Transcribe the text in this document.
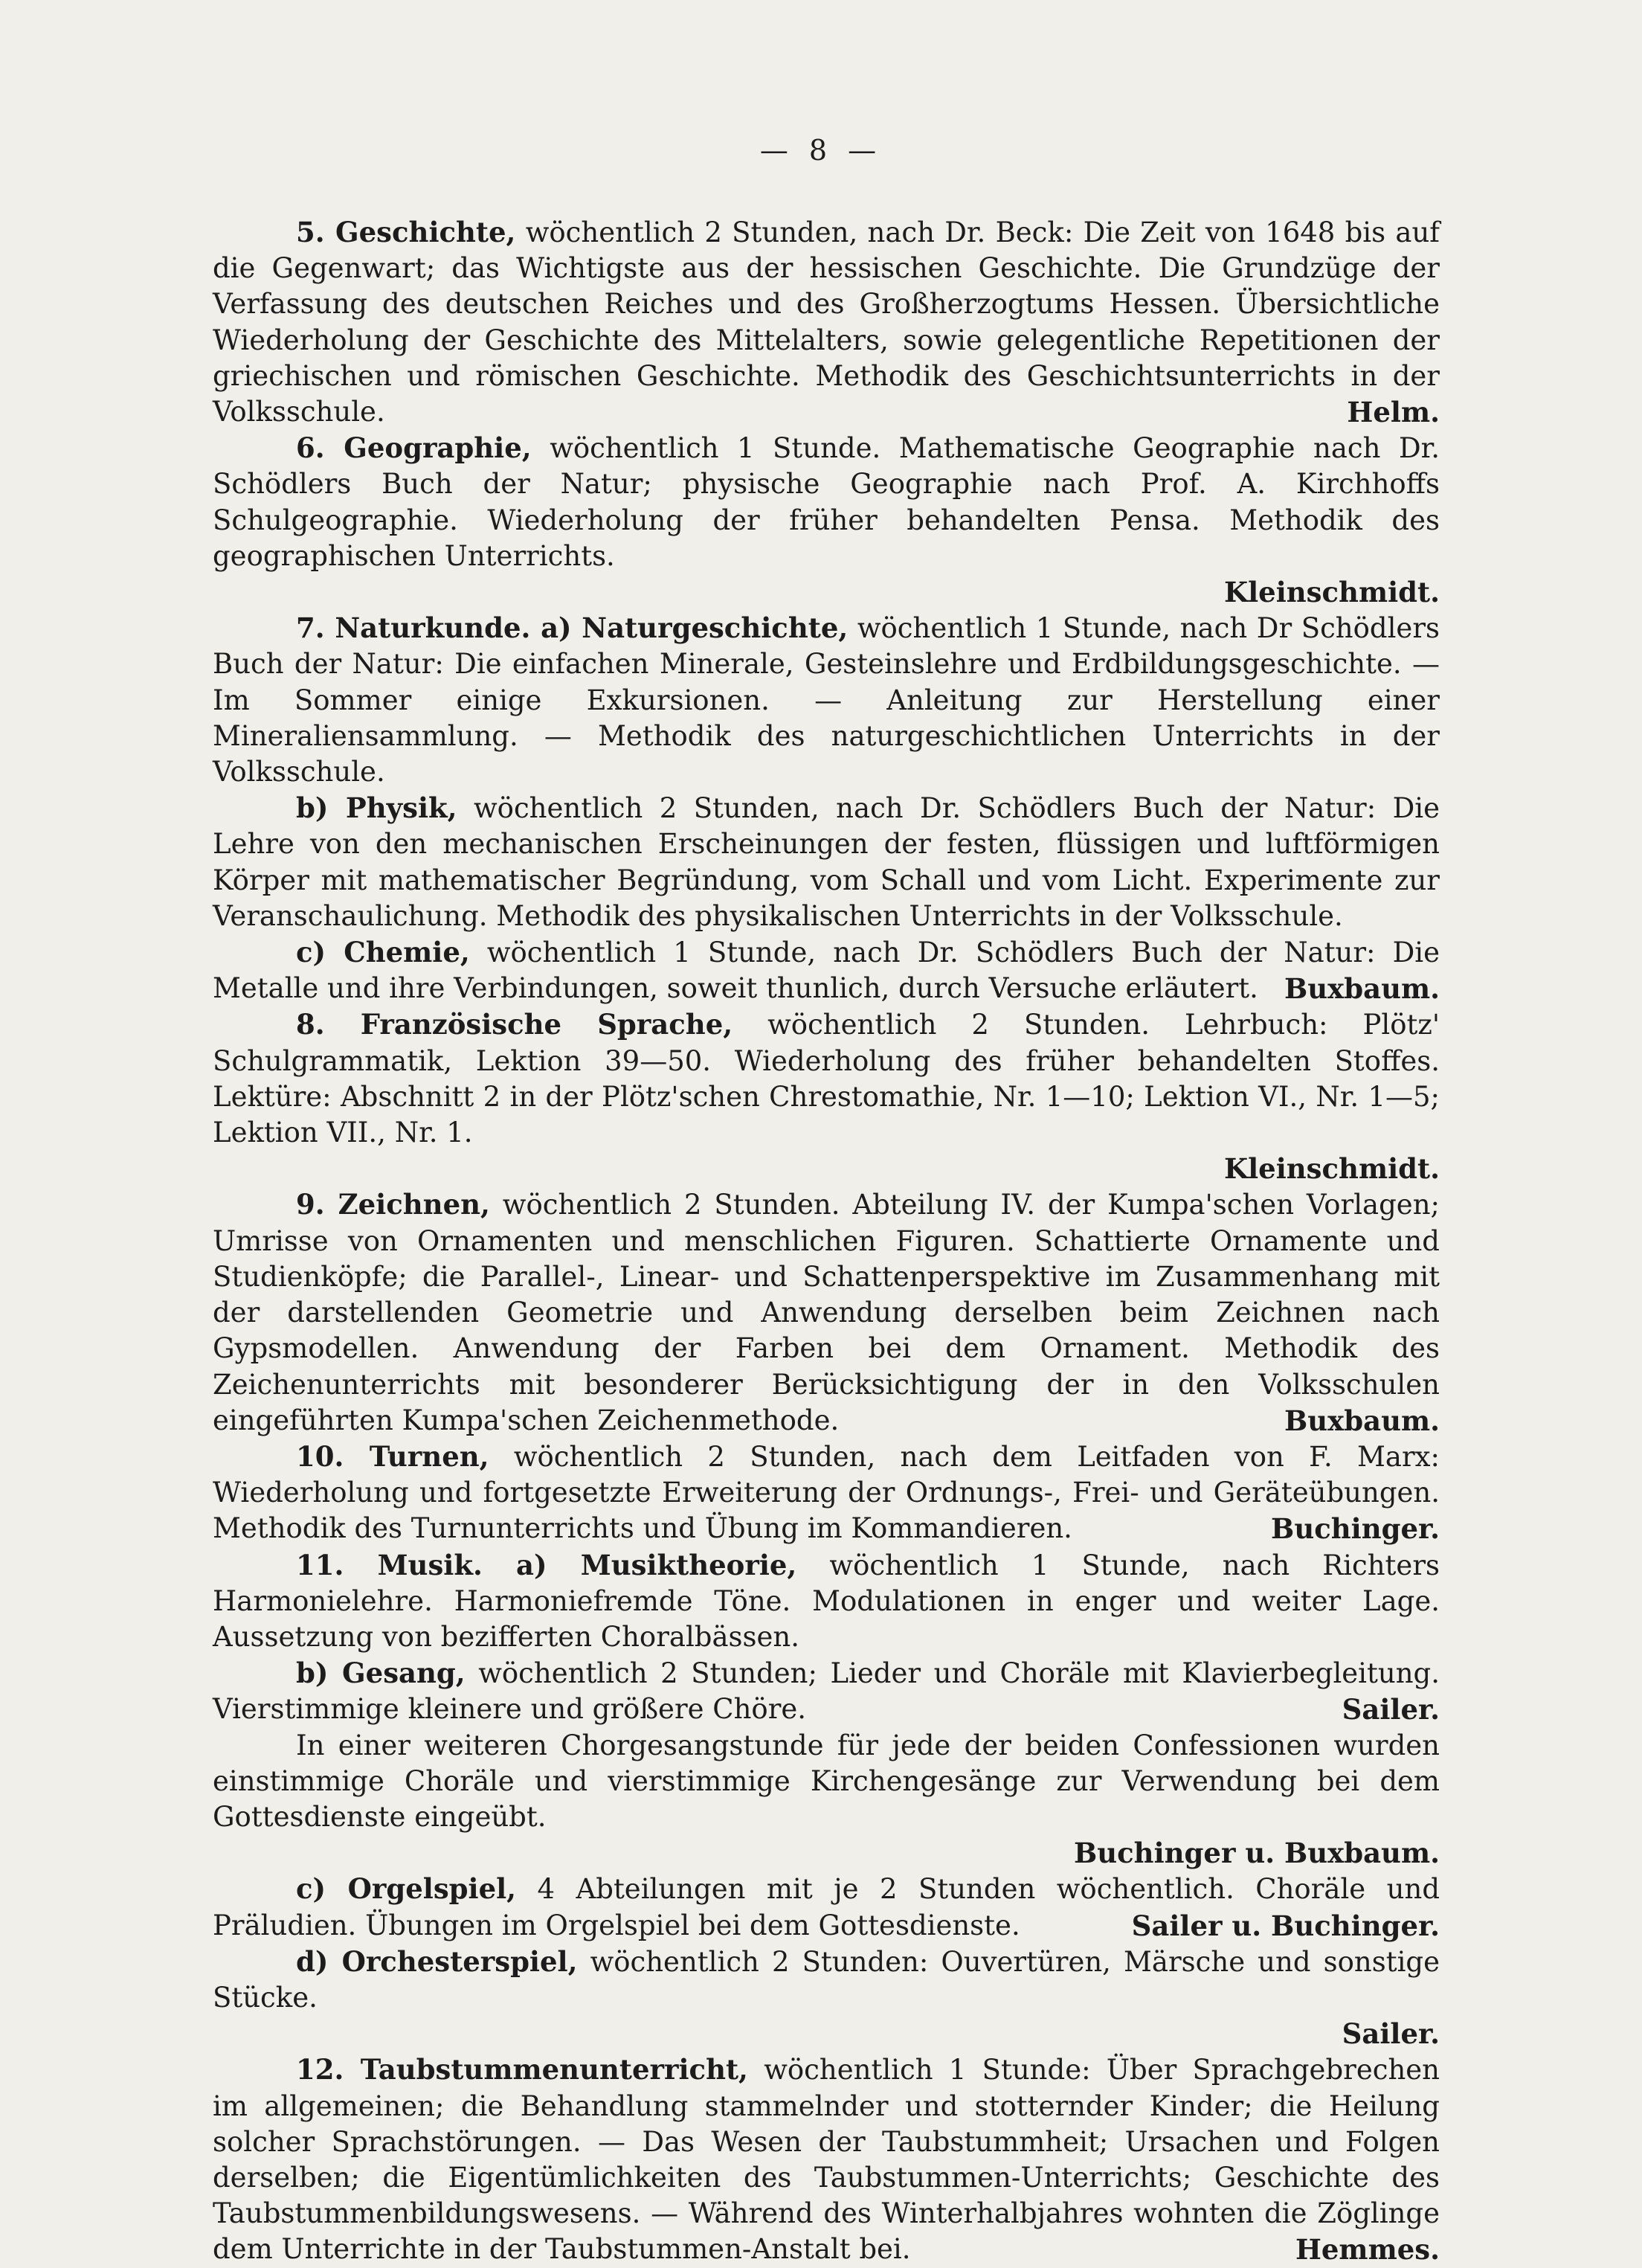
— 8 —

5. Geschichte, wöchentlich 2 Stunden, nach Dr. Beck: Die Zeit von 1648 bis auf die Gegenwart; das Wichtigste aus der hessischen Geschichte. Die Grundzüge der Verfassung des deutschen Reiches und des Großherzogtums Hessen. Übersichtliche Wiederholung der Geschichte des Mittelalters, sowie gelegentliche Repetitionen der griechischen und römischen Geschichte. Methodik des Geschichtsunterrichts in der Volksschule.	Helm.

6. Geographie, wöchentlich 1 Stunde. Mathematische Geographie nach Dr. Schödlers Buch der Natur; physische Geographie nach Prof. A. Kirchhoffs Schulgeographie. Wiederholung der früher behandelten Pensa. Methodik des geographischen Unterrichts.

Kleinschmidt.

7. Naturkunde. a) Naturgeschichte, wöchentlich 1 Stunde, nach Dr Schödlers Buch der Natur: Die einfachen Minerale, Gesteinslehre und Erdbildungsgeschichte. — Im Sommer einige Exkursionen. — Anleitung zur Herstellung einer Mineraliensammlung. — Methodik des naturgeschichtlichen Unterrichts in der Volksschule.

b) Physik, wöchentlich 2 Stunden, nach Dr. Schödlers Buch der Natur: Die Lehre von den mechanischen Erscheinungen der festen, flüssigen und luftförmigen Körper mit mathematischer Begründung, vom Schall und vom Licht. Experimente zur Veranschaulichung. Methodik des physikalischen Unterrichts in der Volksschule.

c) Chemie, wöchentlich 1 Stunde, nach Dr. Schödlers Buch der Natur: Die Metalle und ihre Verbindungen, soweit thunlich, durch Versuche erläutert. Buxbaum.

8. Französische Sprache, wöchentlich 2 Stunden. Lehrbuch: Plötz' Schulgrammatik, Lektion 39—50. Wiederholung des früher behandelten Stoffes. Lektüre: Abschnitt 2 in der Plötz'schen Chrestomathie, Nr. 1—10; Lektion VI., Nr. 1—5; Lektion VII., Nr. 1.

Kleinschmidt.

9. Zeichnen, wöchentlich 2 Stunden. Abteilung IV. der Kumpa'schen Vorlagen; Umrisse von Ornamenten und menschlichen Figuren. Schattierte Ornamente und Studienköpfe; die Parallel-, Linear- und Schattenperspektive im Zusammenhang mit der darstellenden Geometrie und Anwendung derselben beim Zeichnen nach Gypsmodellen. Anwendung der Farben bei dem Ornament. Methodik des Zeichenunterrichts mit besonderer Berücksichtigung der in den Volksschulen eingeführten Kumpa'schen Zeichenmethode.	Buxbaum.

10. Turnen, wöchentlich 2 Stunden, nach dem Leitfaden von F. Marx: Wiederholung und fortgesetzte Erweiterung der Ordnungs-, Frei- und Geräteübungen. Methodik des Turnunterrichts und Übung im Kommandieren.	Buchinger.

11. Musik. a) Musiktheorie, wöchentlich 1 Stunde, nach Richters Harmonielehre. Harmoniefremde Töne. Modulationen in enger und weiter Lage. Aussetzung von bezifferten Choralbässen.

b) Gesang, wöchentlich 2 Stunden; Lieder und Choräle mit Klavierbegleitung. Vierstimmige kleinere und größere Chöre.	Sailer.

In einer weiteren Chorgesangstunde für jede der beiden Confessionen wurden einstimmige Choräle und vierstimmige Kirchengesänge zur Verwendung bei dem Gottesdienste eingeübt.

Buchinger u. Buxbaum.

c) Orgelspiel, 4 Abteilungen mit je 2 Stunden wöchentlich. Choräle und Präludien. Übungen im Orgelspiel bei dem Gottesdienste.	Sailer u. Buchinger.

d) Orchesterspiel, wöchentlich 2 Stunden: Ouvertüren, Märsche und sonstige Stücke.

Sailer.

12. Taubstummenunterricht, wöchentlich 1 Stunde: Über Sprachgebrechen im allgemeinen; die Behandlung stammelnder und stotternder Kinder; die Heilung solcher Sprachstörungen. — Das Wesen der Taubstummheit; Ursachen und Folgen derselben; die Eigentümlichkeiten des Taubstummen-Unterrichts; Geschichte des Taubstummenbildungswesens. — Während des Winterhalbjahres wohnten die Zöglinge dem Unterrichte in der Taubstummen-Anstalt bei.	Hemmes.
